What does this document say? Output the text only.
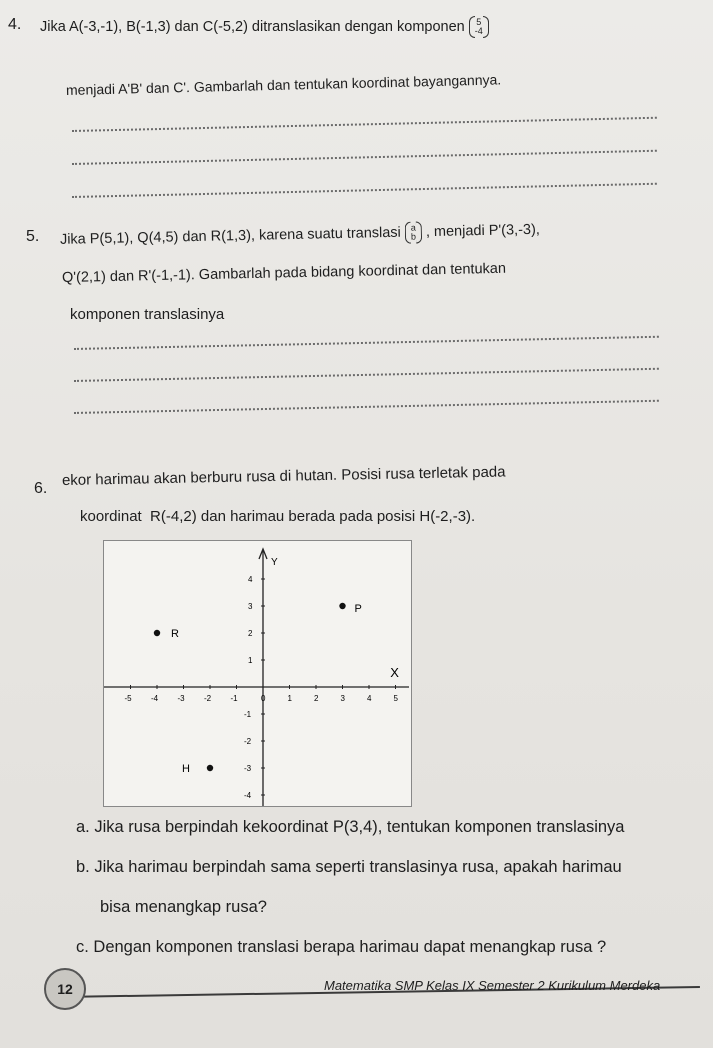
4. Jika A(-3,-1), B(-1,3) dan C(-5,2) ditranslasikan dengan komponen 5
-4
menjadi A'B' dan C'. Gambarlah dan tentukan koordinat bayangannya.
5. Jika P(5,1), Q(4,5) dan R(1,3), karena suatu translasi a
b , menjadi P'(3,-3),
Q'(2,1) dan R'(-1,-1). Gambarlah pada bidang koordinat dan tentukan
komponen translasinya
6. ekor harimau akan berburu rusa di hutan. Posisi rusa terletak pada
koordinat  R(-4,2) dan harimau berada pada posisi H(-2,-3).
X
Y
-5 -4 -3 -2 -1	0	1	2	3	4	5
-4
-3
-2
-1
1
2
3
4
P
R
H
a. Jika rusa berpindah kekoordinat P(3,4), tentukan komponen translasinya
b. Jika harimau berpindah sama seperti translasinya rusa, apakah harimau
bisa menangkap rusa?
c. Dengan komponen translasi berapa harimau dapat menangkap rusa ?
12	Matematika SMP Kelas IX Semester 2 Kurikulum Merdeka
